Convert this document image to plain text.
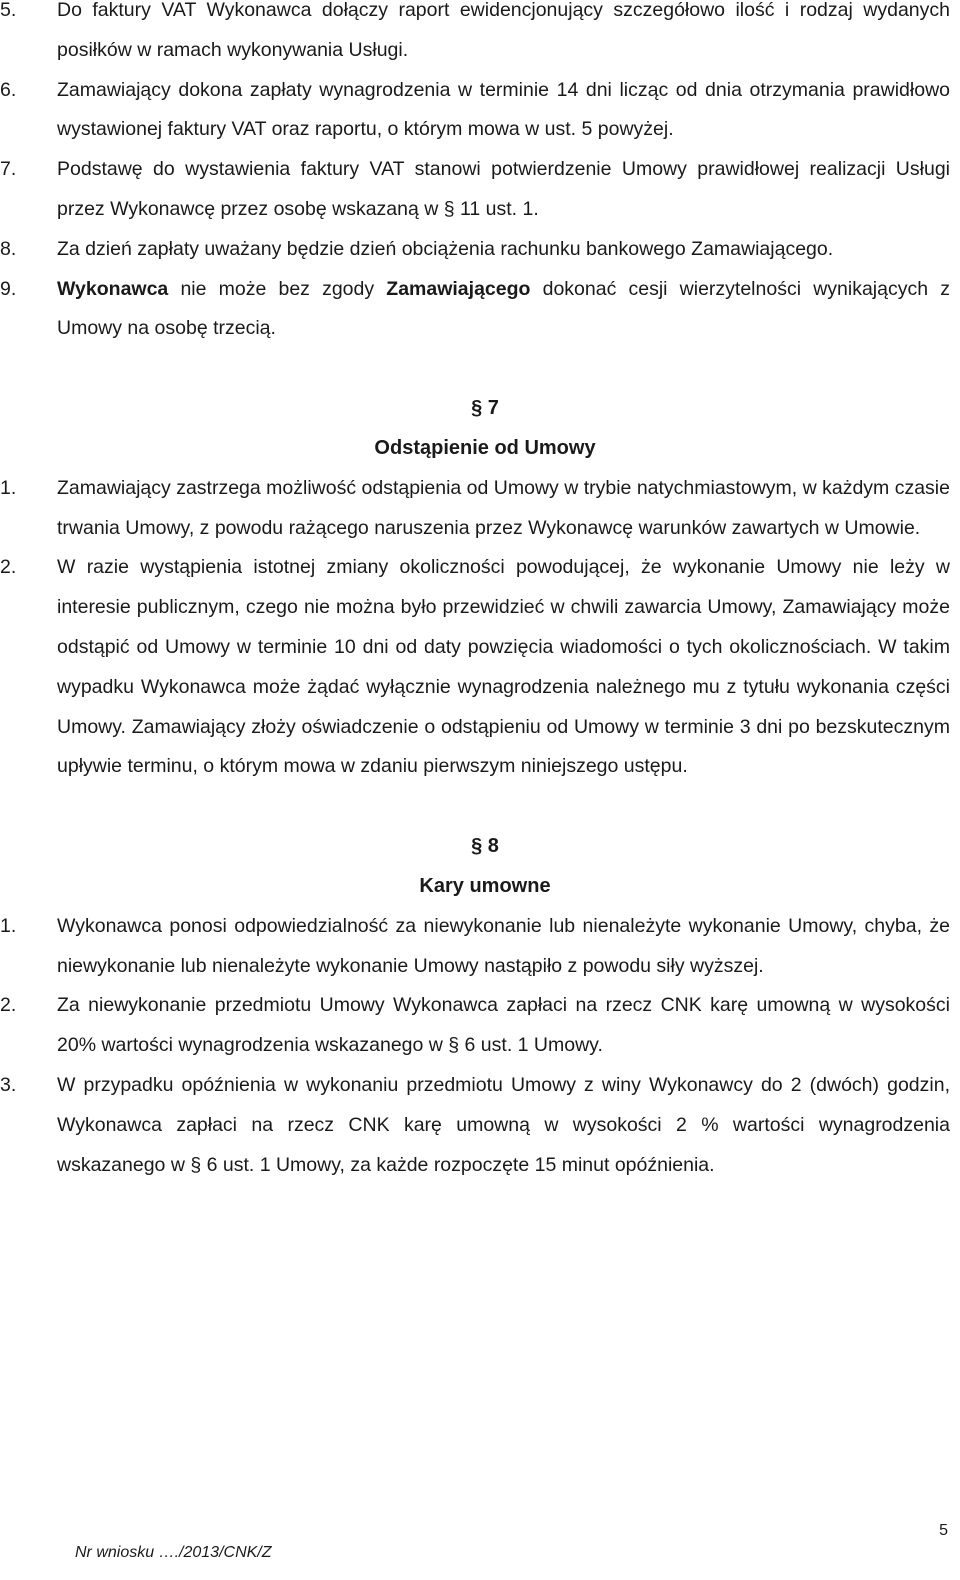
5. Do faktury VAT Wykonawca dołączy raport ewidencjonujący szczegółowo ilość i rodzaj wydanych posiłków w ramach wykonywania Usługi.
6. Zamawiający dokona zapłaty wynagrodzenia w terminie 14 dni licząc od dnia otrzymania prawidłowo wystawionej faktury VAT oraz raportu, o którym mowa w ust. 5 powyżej.
7. Podstawę do wystawienia faktury VAT stanowi potwierdzenie Umowy prawidłowej realizacji Usługi przez Wykonawcę przez osobę wskazaną w § 11 ust. 1.
8. Za dzień zapłaty uważany będzie dzień obciążenia rachunku bankowego Zamawiającego.
9. Wykonawca nie może bez zgody Zamawiającego dokonać cesji wierzytelności wynikających z Umowy na osobę trzecią.
§ 7
Odstąpienie od Umowy
1. Zamawiający zastrzega możliwość odstąpienia od Umowy w trybie natychmiastowym, w każdym czasie trwania Umowy, z powodu rażącego naruszenia przez Wykonawcę warunków zawartych w Umowie.
2. W razie wystąpienia istotnej zmiany okoliczności powodującej, że wykonanie Umowy nie leży w interesie publicznym, czego nie można było przewidzieć w chwili zawarcia Umowy, Zamawiający może odstąpić od Umowy w terminie 10 dni od daty powzięcia wiadomości o tych okolicznościach. W takim wypadku Wykonawca może żądać wyłącznie wynagrodzenia należnego mu z tytułu wykonania części Umowy. Zamawiający złoży oświadczenie o odstąpieniu od Umowy w terminie 3 dni po bezskutecznym upływie terminu, o którym mowa w zdaniu pierwszym niniejszego ustępu.
§ 8
Kary umowne
1. Wykonawca ponosi odpowiedzialność za niewykonanie lub nienależyte wykonanie Umowy, chyba, że niewykonanie lub nienależyte wykonanie Umowy nastąpiło z powodu siły wyższej.
2. Za niewykonanie przedmiotu Umowy Wykonawca zapłaci na rzecz CNK karę umowną w wysokości 20% wartości wynagrodzenia wskazanego w § 6 ust. 1 Umowy.
3. W przypadku opóźnienia w wykonaniu przedmiotu Umowy z winy Wykonawcy do 2 (dwóch) godzin, Wykonawca zapłaci na rzecz CNK karę umowną w wysokości 2 % wartości wynagrodzenia wskazanego w § 6 ust. 1 Umowy, za każde rozpoczęte 15 minut opóźnienia.
5
Nr wniosku …./2013/CNK/Z
